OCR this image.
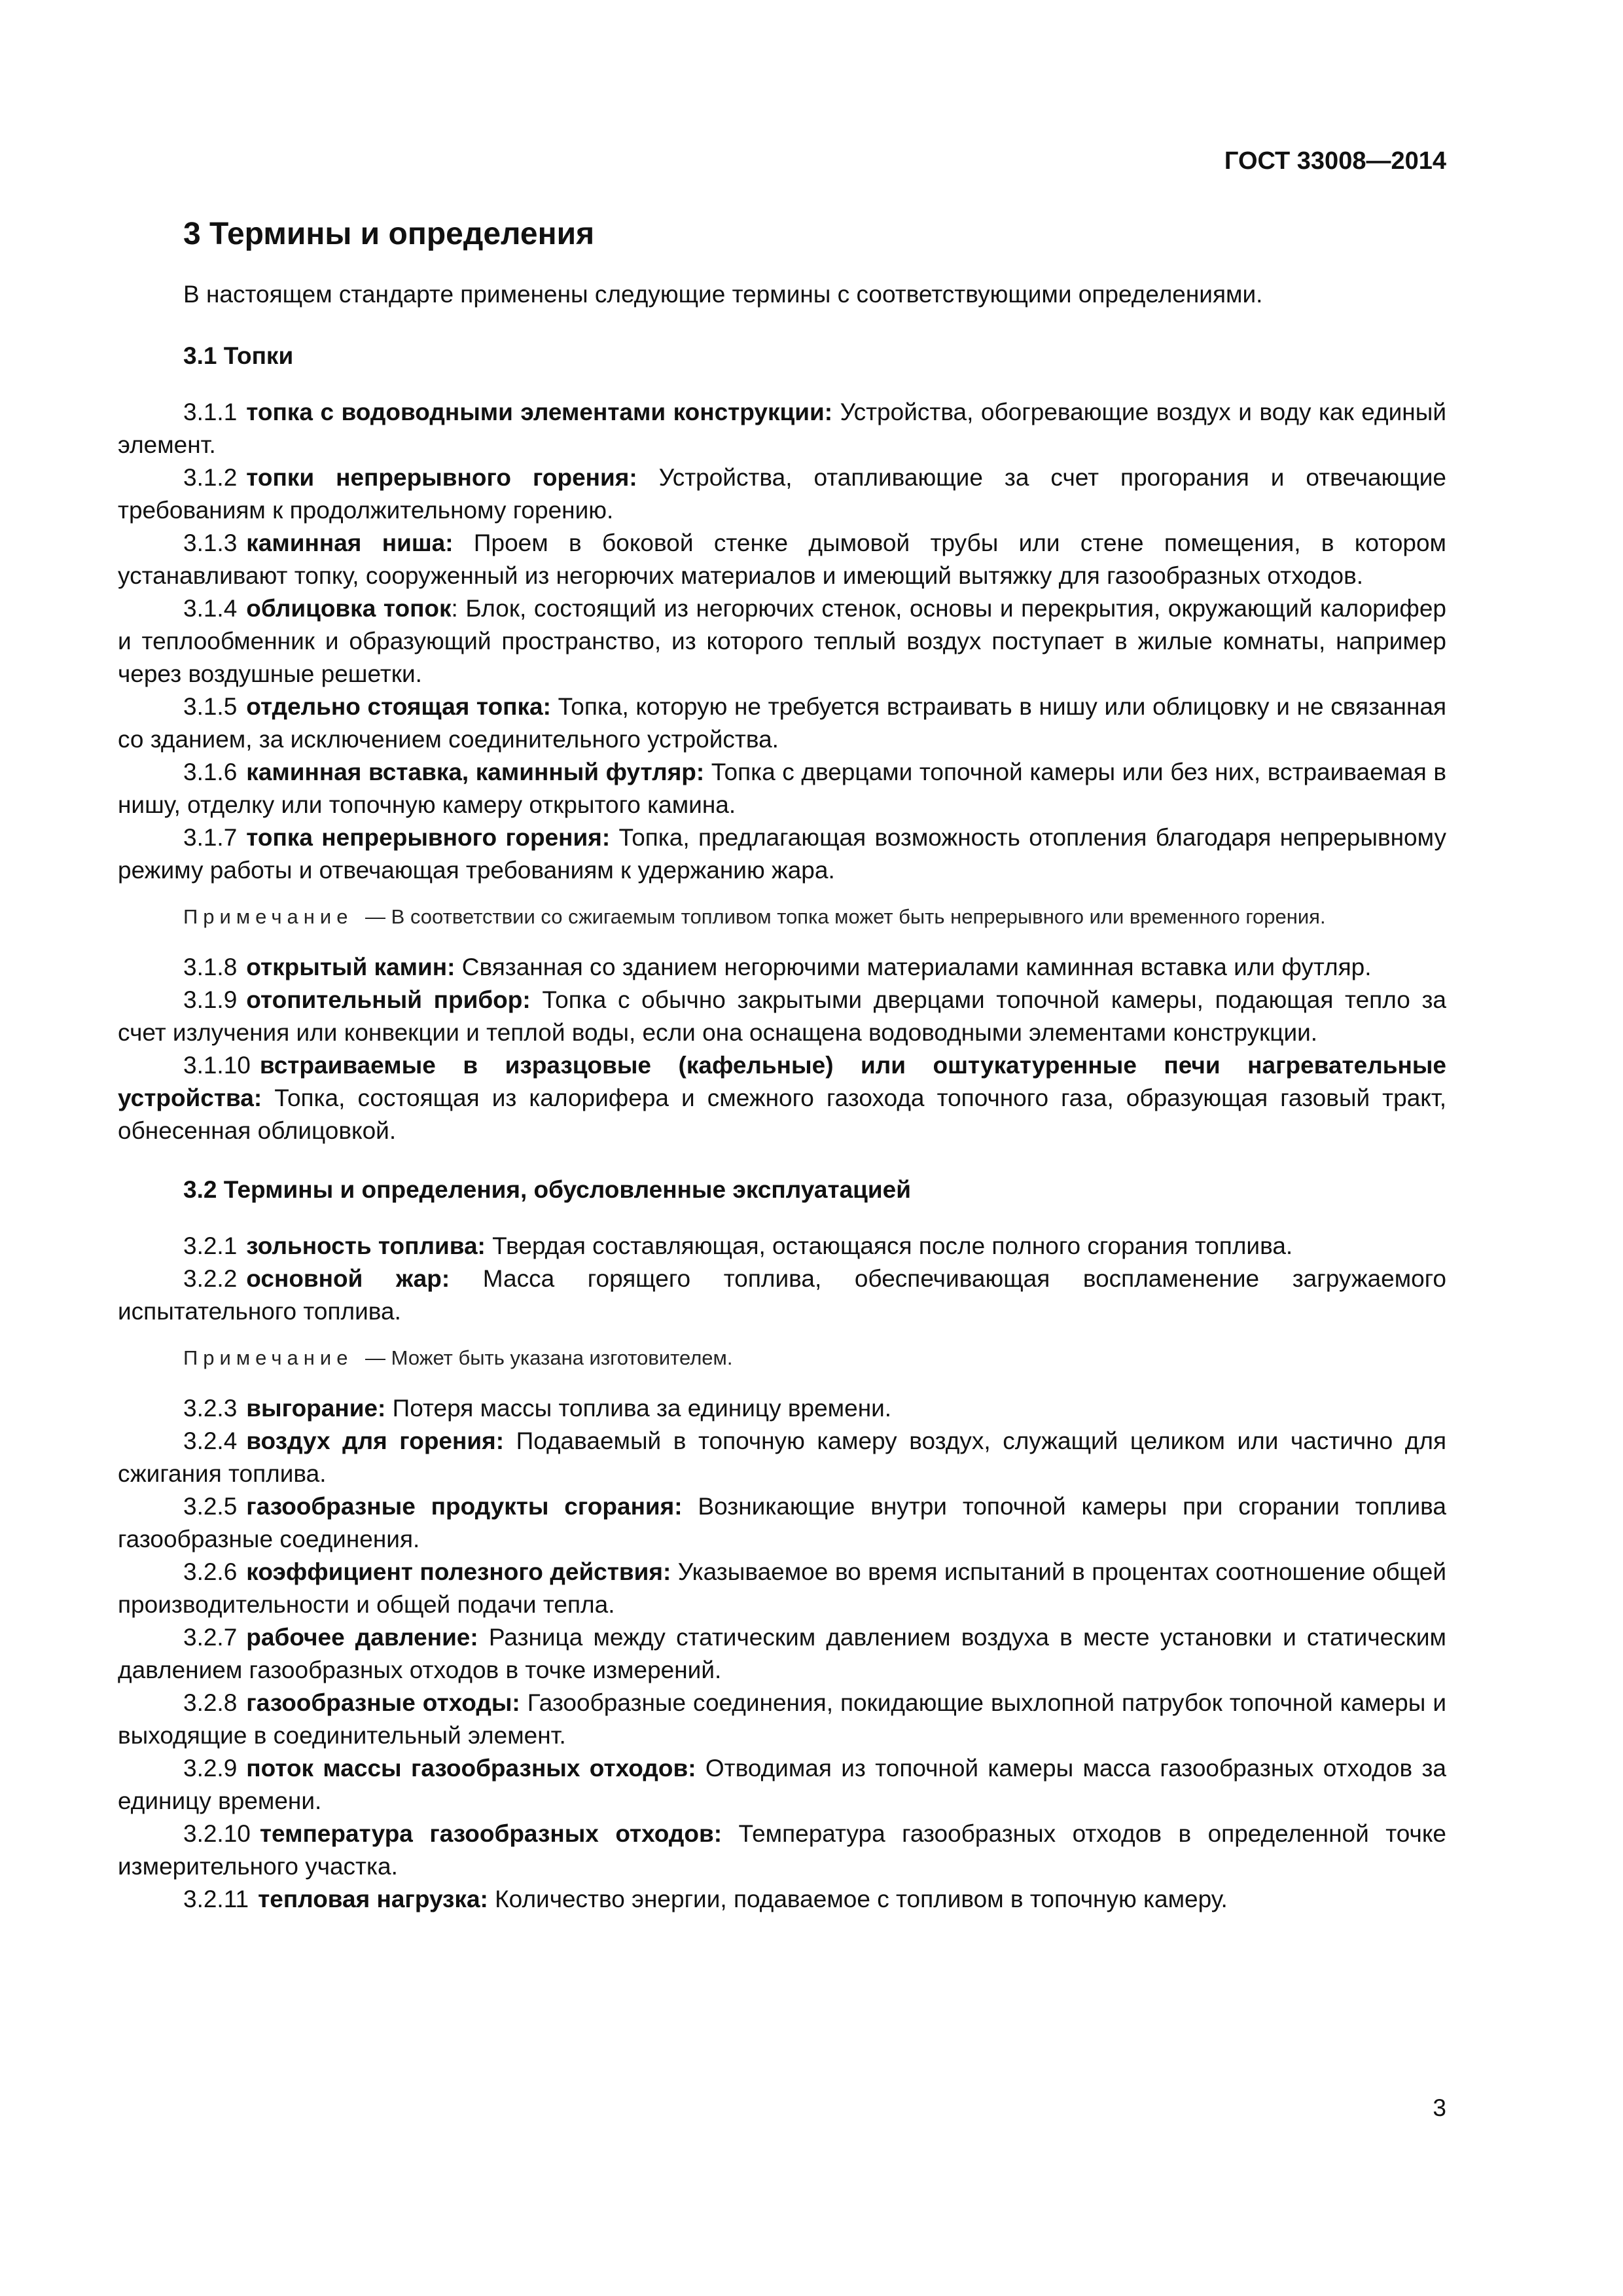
ГОСТ 33008—2014
3 Термины и определения
В настоящем стандарте применены следующие термины с соответствующими определениями.
3.1 Топки

3.1.1 топка с водоводными элементами конструкции: Устройства, обогревающие воздух и воду как единый элемент.

3.1.2 топки непрерывного горения: Устройства, отапливающие за счет прогорания и отвечающие требованиям к продолжительному горению.

3.1.3 каминная ниша: Проем в боковой стенке дымовой трубы или стене помещения, в котором устанавливают топку, сооруженный из негорючих материалов и имеющий вытяжку для газообразных отходов.

3.1.4 облицовка топок: Блок, состоящий из негорючих стенок, основы и перекрытия, окружающий калорифер и теплообменник и образующий пространство, из которого теплый воздух поступает в жилые комнаты, например через воздушные решетки.

3.1.5 отдельно стоящая топка: Топка, которую не требуется встраивать в нишу или облицовку и не связанная со зданием, за исключением соединительного устройства.

3.1.6 каминная вставка, каминный футляр: Топка с дверцами топочной камеры или без них, встраиваемая в нишу, отделку или топочную камеру открытого камина.

3.1.7 топка непрерывного горения: Топка, предлагающая возможность отопления благодаря непрерывному режиму работы и отвечающая требованиям к удержанию жара.

Примечание — В соответствии со сжигаемым топливом топка может быть непрерывного или временного горения.

3.1.8 открытый камин: Связанная со зданием негорючими материалами каминная вставка или футляр.

3.1.9 отопительный прибор: Топка с обычно закрытыми дверцами топочной камеры, подающая тепло за счет излучения или конвекции и теплой воды, если она оснащена водоводными элементами конструкции.

3.1.10 встраиваемые в изразцовые (кафельные) или оштукатуренные печи нагревательные устройства: Топка, состоящая из калорифера и смежного газохода топочного газа, образующая газовый тракт, обнесенная облицовкой.

3.2 Термины и определения, обусловленные эксплуатацией

3.2.1 зольность топлива: Твердая составляющая, остающаяся после полного сгорания топлива.

3.2.2 основной жар: Масса горящего топлива, обеспечивающая воспламенение загружаемого испытательного топлива.

Примечание — Может быть указана изготовителем.

3.2.3 выгорание: Потеря массы топлива за единицу времени.

3.2.4 воздух для горения: Подаваемый в топочную камеру воздух, служащий целиком или частично для сжигания топлива.

3.2.5 газообразные продукты сгорания: Возникающие внутри топочной камеры при сгорании топлива газообразные соединения.

3.2.6 коэффициент полезного действия: Указываемое во время испытаний в процентах соотношение общей производительности и общей подачи тепла.

3.2.7 рабочее давление: Разница между статическим давлением воздуха в месте установки и статическим давлением газообразных отходов в точке измерений.

3.2.8 газообразные отходы: Газообразные соединения, покидающие выхлопной патрубок топочной камеры и выходящие в соединительный элемент.

3.2.9 поток массы газообразных отходов: Отводимая из топочной камеры масса газообразных отходов за единицу времени.

3.2.10 температура газообразных отходов: Температура газообразных отходов в определенной точке измерительного участка.

3.2.11 тепловая нагрузка: Количество энергии, подаваемое с топливом в топочную камеру.

3
